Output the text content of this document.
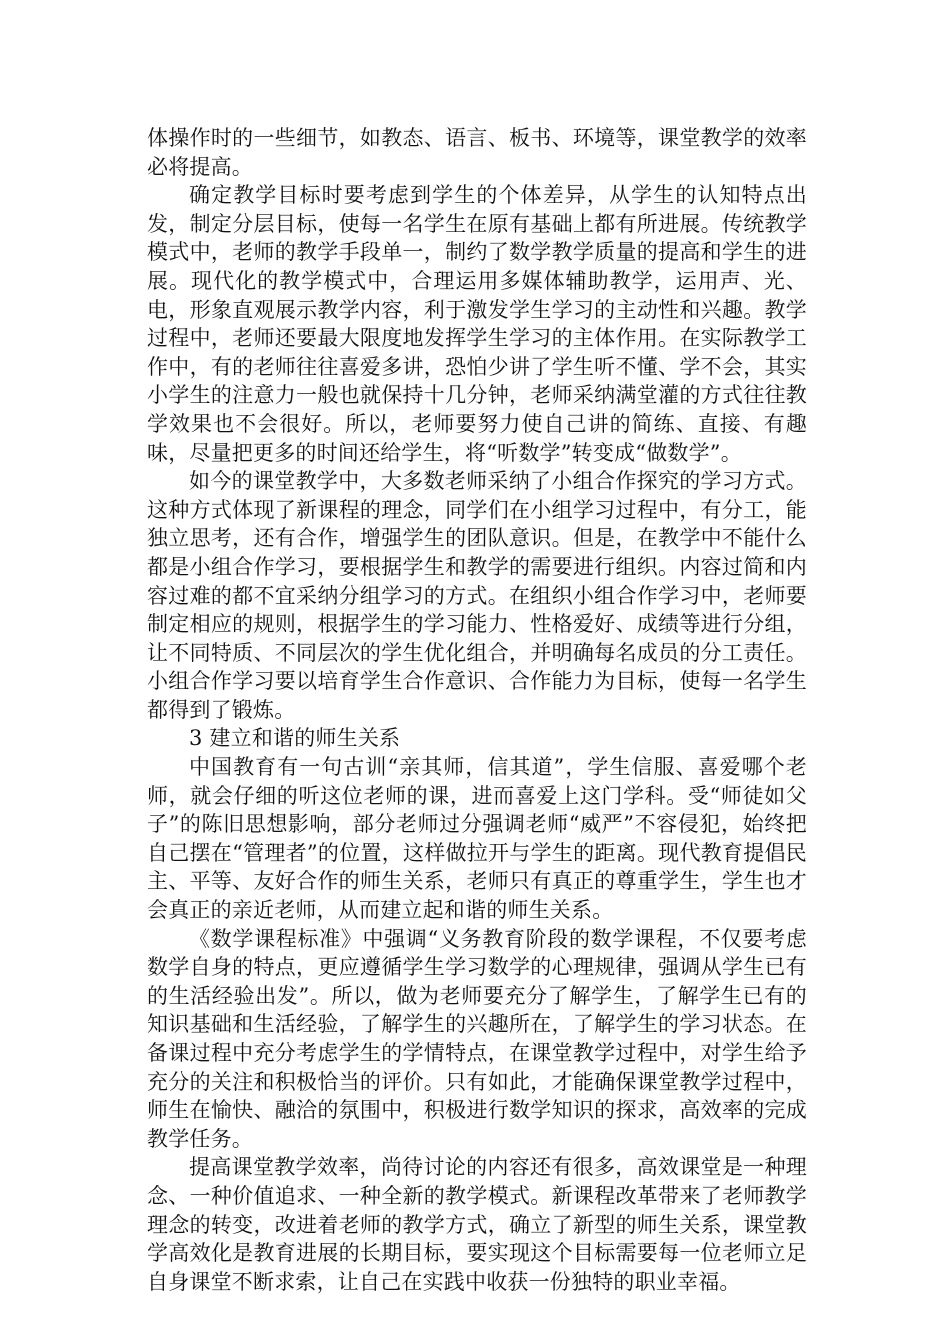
体操作时的一些细节，如教态、语言、板书、环境等，课堂教学的效率必将提高。

确定教学目标时要考虑到学生的个体差异，从学生的认知特点出发，制定分层目标，使每一名学生在原有基础上都有所进展。传统教学模式中，老师的教学手段单一，制约了数学教学质量的提高和学生的进展。现代化的教学模式中，合理运用多媒体辅助教学，运用声、光、电，形象直观展示教学内容，利于激发学生学习的主动性和兴趣。教学过程中，老师还要最大限度地发挥学生学习的主体作用。在实际教学工作中，有的老师往往喜爱多讲，恐怕少讲了学生听不懂、学不会，其实小学生的注意力一般也就保持十几分钟，老师采纳满堂灌的方式往往教学效果也不会很好。所以，老师要努力使自己讲的简练、直接、有趣味，尽量把更多的时间还给学生，将“听数学”转变成“做数学”。

如今的课堂教学中，大多数老师采纳了小组合作探究的学习方式。这种方式体现了新课程的理念，同学们在小组学习过程中，有分工，能独立思考，还有合作，增强学生的团队意识。但是，在教学中不能什么都是小组合作学习，要根据学生和教学的需要进行组织。内容过简和内容过难的都不宜采纳分组学习的方式。在组织小组合作学习中，老师要制定相应的规则，根据学生的学习能力、性格爱好、成绩等进行分组，让不同特质、不同层次的学生优化组合，并明确每名成员的分工责任。小组合作学习要以培育学生合作意识、合作能力为目标，使每一名学生都得到了锻炼。

3 建立和谐的师生关系

中国教育有一句古训“亲其师，信其道”，学生信服、喜爱哪个老师，就会仔细的听这位老师的课，进而喜爱上这门学科。受“师徒如父子”的陈旧思想影响，部分老师过分强调老师“威严”不容侵犯，始终把自己摆在“管理者”的位置，这样做拉开与学生的距离。现代教育提倡民主、平等、友好合作的师生关系，老师只有真正的尊重学生，学生也才会真正的亲近老师，从而建立起和谐的师生关系。

《数学课程标准》中强调“义务教育阶段的数学课程，不仅要考虑数学自身的特点，更应遵循学生学习数学的心理规律，强调从学生已有的生活经验出发”。所以，做为老师要充分了解学生，了解学生已有的知识基础和生活经验，了解学生的兴趣所在，了解学生的学习状态。在备课过程中充分考虑学生的学情特点，在课堂教学过程中，对学生给予充分的关注和积极恰当的评价。只有如此，才能确保课堂教学过程中，师生在愉快、融洽的氛围中，积极进行数学知识的探求，高效率的完成教学任务。

提高课堂教学效率，尚待讨论的内容还有很多，高效课堂是一种理念、一种价值追求、一种全新的教学模式。新课程改革带来了老师教学理念的转变，改进着老师的教学方式，确立了新型的师生关系，课堂教学高效化是教育进展的长期目标，要实现这个目标需要每一位老师立足自身课堂不断求索，让自己在实践中收获一份独特的职业幸福。
